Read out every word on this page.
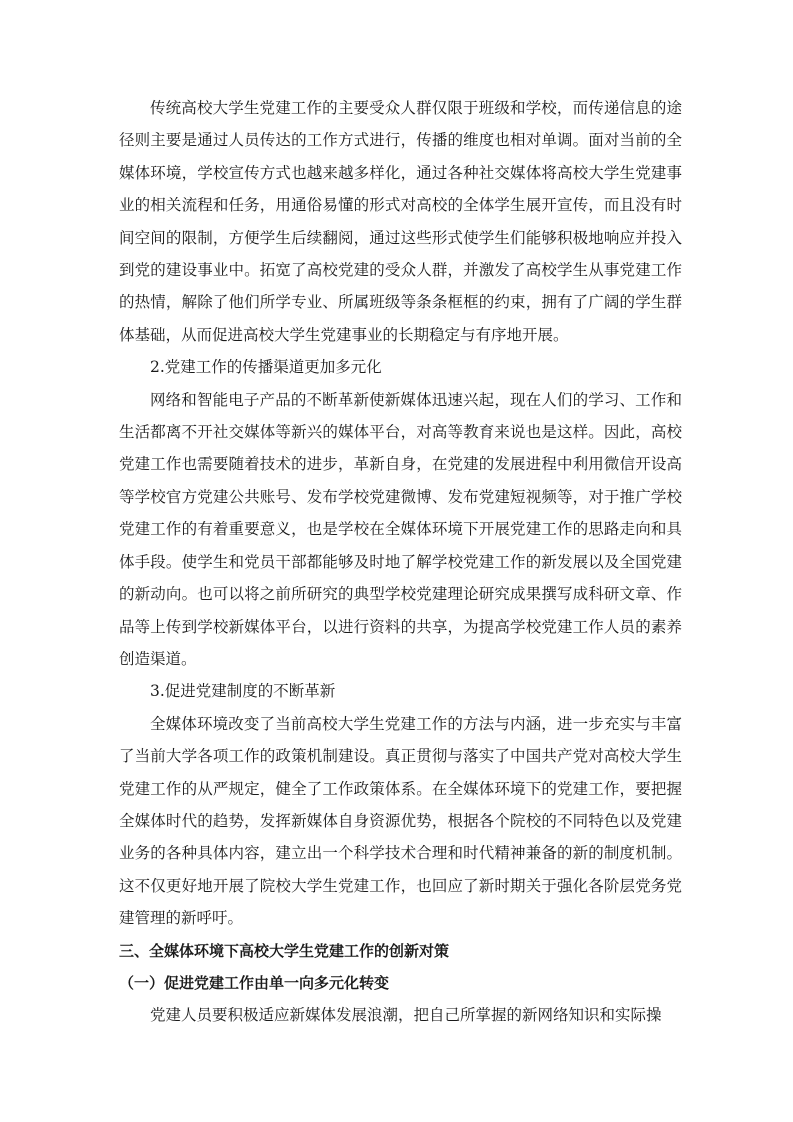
传统高校大学生党建工作的主要受众人群仅限于班级和学校，而传递信息的途径则主要是通过人员传达的工作方式进行，传播的维度也相对单调。面对当前的全媒体环境，学校宣传方式也越来越多样化，通过各种社交媒体将高校大学生党建事业的相关流程和任务，用通俗易懂的形式对高校的全体学生展开宣传，而且没有时间空间的限制，方便学生后续翻阅，通过这些形式使学生们能够积极地响应并投入到党的建设事业中。拓宽了高校党建的受众人群，并激发了高校学生从事党建工作的热情，解除了他们所学专业、所属班级等条条框框的约束，拥有了广阔的学生群体基础，从而促进高校大学生党建事业的长期稳定与有序地开展。

2.党建工作的传播渠道更加多元化

网络和智能电子产品的不断革新使新媒体迅速兴起，现在人们的学习、工作和生活都离不开社交媒体等新兴的媒体平台，对高等教育来说也是这样。因此，高校党建工作也需要随着技术的进步，革新自身，在党建的发展进程中利用微信开设高等学校官方党建公共账号、发布学校党建微博、发布党建短视频等，对于推广学校党建工作的有着重要意义，也是学校在全媒体环境下开展党建工作的思路走向和具体手段。使学生和党员干部都能够及时地了解学校党建工作的新发展以及全国党建的新动向。也可以将之前所研究的典型学校党建理论研究成果撰写成科研文章、作品等上传到学校新媒体平台，以进行资料的共享，为提高学校党建工作人员的素养创造渠道。

3.促进党建制度的不断革新

全媒体环境改变了当前高校大学生党建工作的方法与内涵，进一步充实与丰富了当前大学各项工作的政策机制建设。真正贯彻与落实了中国共产党对高校大学生党建工作的从严规定，健全了工作政策体系。在全媒体环境下的党建工作，要把握全媒体时代的趋势，发挥新媒体自身资源优势，根据各个院校的不同特色以及党建业务的各种具体内容，建立出一个科学技术合理和时代精神兼备的新的制度机制。这不仅更好地开展了院校大学生党建工作，也回应了新时期关于强化各阶层党务党建管理的新呼吁。

三、全媒体环境下高校大学生党建工作的创新对策

（一）促进党建工作由单一向多元化转变

党建人员要积极适应新媒体发展浪潮，把自己所掌握的新网络知识和实际操
